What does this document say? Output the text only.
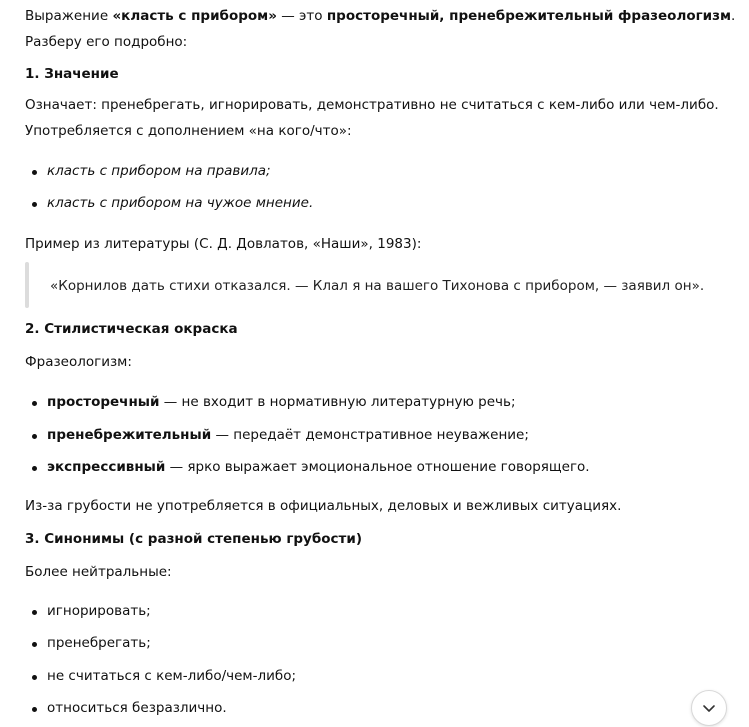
Выражение «класть с прибором» — это просторечный, пренебрежительный фразеологизм.
Разберу его подробно:
1. Значение
Означает: пренебрегать, игнорировать, демонстративно не считаться с кем-либо или чем-либо.
Употребляется с дополнением «на кого/что»:
класть с прибором на правила;
класть с прибором на чужое мнение.
Пример из литературы (С. Д. Довлатов, «Наши», 1983):
«Корнилов дать стихи отказался. — Клал я на вашего Тихонова с прибором, — заявил он».
2. Стилистическая окраска
Фразеологизм:
просторечный — не входит в нормативную литературную речь;
пренебрежительный — передаёт демонстративное неуважение;
экспрессивный — ярко выражает эмоциональное отношение говорящего.
Из-за грубости не употребляется в официальных, деловых и вежливых ситуациях.
3. Синонимы (с разной степенью грубости)
Более нейтральные:
игнорировать;
пренебрегать;
не считаться с кем-либо/чем-либо;
относиться безразлично.
